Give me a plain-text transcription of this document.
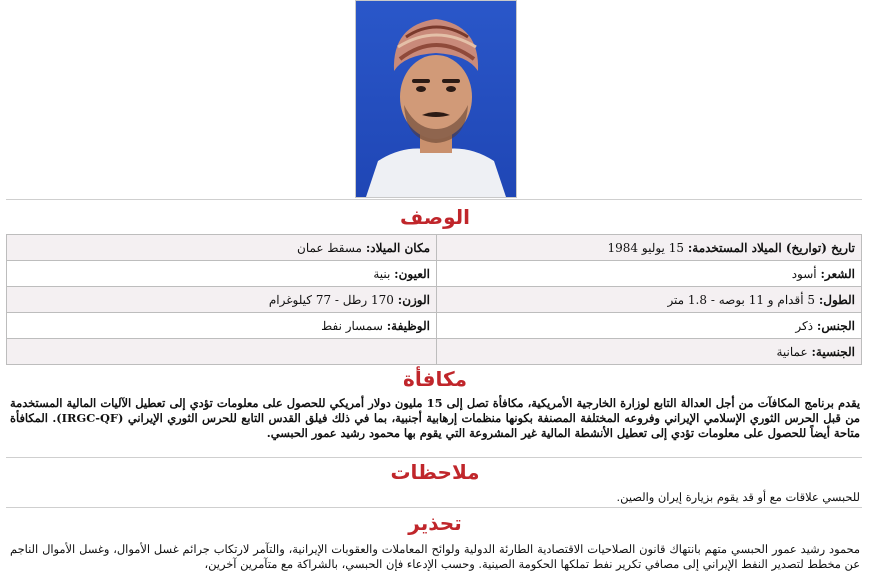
الوصف
تاريخ (تواريخ) الميلاد المستخدمة: 15 يوليو 1984	مكان الميلاد: مسقط عمان
الشعر: أسود	العيون: بنية
الطول: 5 أقدام و 11 بوصه - 1.8 متر	الوزن: 170 رطل - 77 كيلوغرام
الجنس: ذكر	الوظيفة: سمسار نفط
الجنسية: عمانية	
مكافأة
يقدم برنامج المكافآت من أجل العدالة التابع لوزارة الخارجية الأمريكية، مكافأة تصل إلى 15 مليون دولار أمريكي للحصول على معلومات تؤدي إلى تعطيل الآليات المالية المستخدمة من قبل الحرس الثوري الإسلامي الإيراني وفروعه المختلفة المصنفة بكونها منظمات إرهابية أجنبية، بما في ذلك فيلق القدس التابع للحرس الثوري الإيراني (IRGC-QF). المكافأة متاحة أيضاً للحصول على معلومات تؤدي إلى تعطيل الأنشطة المالية غير المشروعة التي يقوم بها محمود رشيد عمور الحبسي.
ملاحظات
للحبسي علاقات مع أو قد يقوم بزيارة إيران والصين.
تحذير
محمود رشيد عمور الحبسي متهم بانتهاك قانون الصلاحيات الاقتصادية الطارئة الدولية ولوائح المعاملات والعقوبات الإيرانية، والتآمر لارتكاب جرائم غسل الأموال، وغسل الأموال الناجم عن مخطط لتصدير النفط الإيراني إلى مصافي تكرير نفط تملكها الحكومة الصينية. وحسب الإدعاء فإن الحبسي، بالشراكة مع متآمرين آخرين،
